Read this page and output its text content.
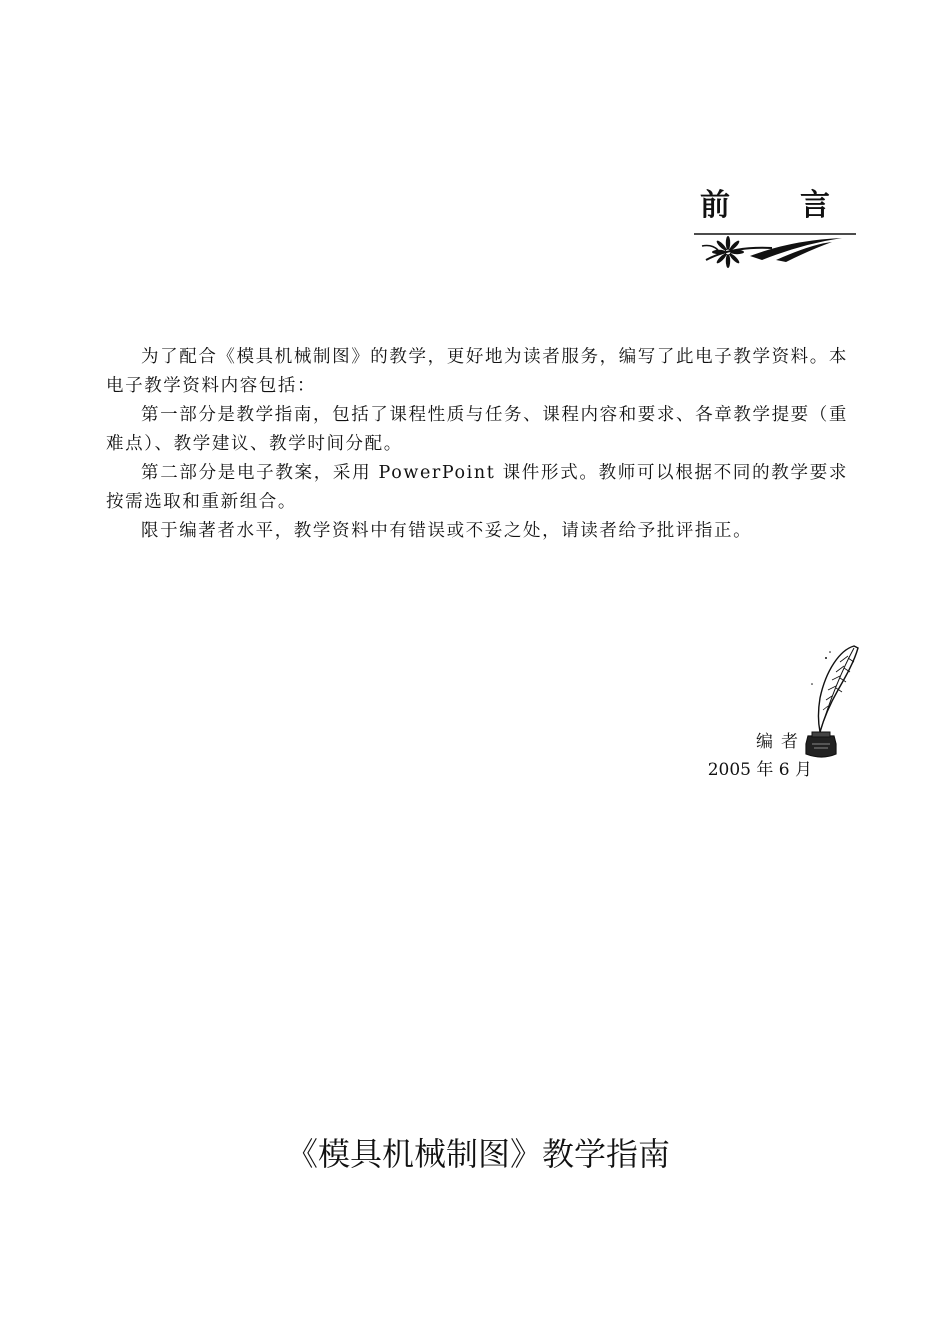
前 言

为了配合《模具机械制图》的教学，更好地为读者服务，编写了此电子教学资料。本电子教学资料内容包括：

第一部分是教学指南，包括了课程性质与任务、课程内容和要求、各章教学提要（重难点）、教学建议、教学时间分配。

第二部分是电子教案，采用 PowerPoint 课件形式。教师可以根据不同的教学要求按需选取和重新组合。

限于编著者水平，教学资料中有错误或不妥之处，请读者给予批评指正。

编者
2005 年 6 月
《模具机械制图》教学指南
